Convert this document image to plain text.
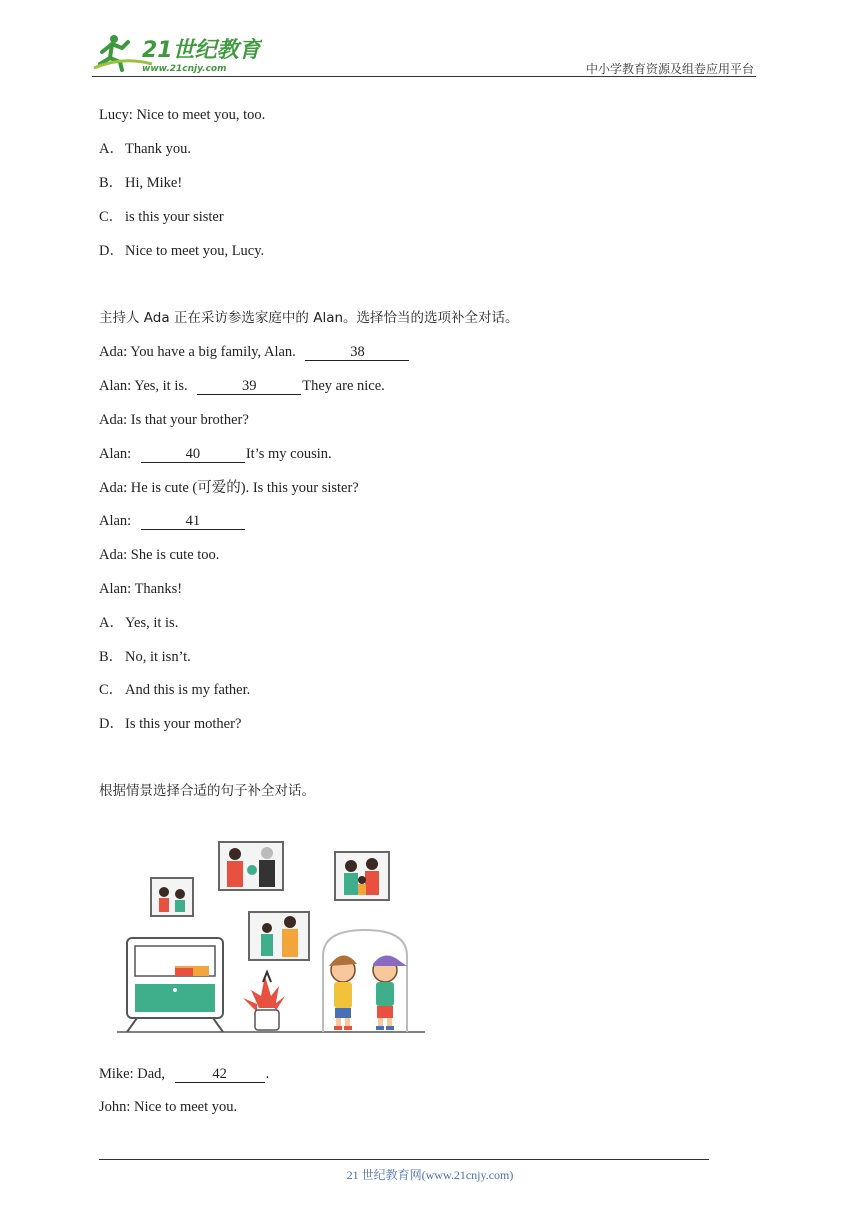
21世纪教育
www.21cnjy.com	中小学教育资源及组卷应用平台
Lucy: Nice to meet you, too.
A．Thank you.
B． Hi, Mike!
C． is this your sister
D．Nice to meet you, Lucy.
主持人 Ada 正在采访参选家庭中的 Alan。选择恰当的选项补全对话。
Ada: You have a big family, Alan.	38
Alan: Yes, it is.	39	They are nice.
Ada: Is that your brother?
Alan:	40	It’s my cousin.
Ada: He is cute (可爱的). Is this your sister?
Alan:	41
Ada: She is cute too.
Alan: Thanks!
A．Yes, it is.
B． No, it isn’t.
C． And this is my father.
D．Is this your mother?
根据情景选择合适的句子补全对话。
Mike: Dad,	42	.
John: Nice to meet you.
21 世纪教育网(www.21cnjy.com)
